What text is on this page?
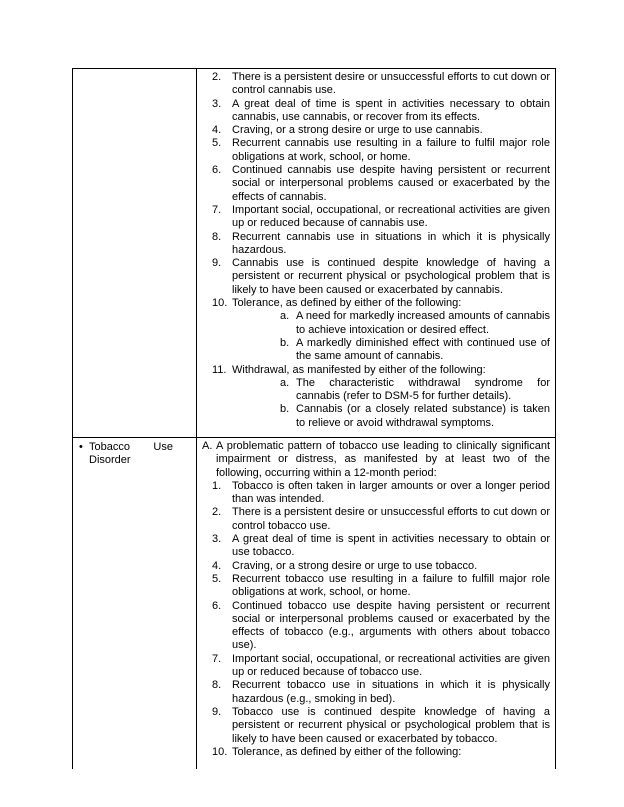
2. There is a persistent desire or unsuccessful efforts to cut down or control cannabis use.
3. A great deal of time is spent in activities necessary to obtain cannabis, use cannabis, or recover from its effects.
4. Craving, or a strong desire or urge to use cannabis.
5. Recurrent cannabis use resulting in a failure to fulfil major role obligations at work, school, or home.
6. Continued cannabis use despite having persistent or recurrent social or interpersonal problems caused or exacerbated by the effects of cannabis.
7. Important social, occupational, or recreational activities are given up or reduced because of cannabis use.
8. Recurrent cannabis use in situations in which it is physically hazardous.
9. Cannabis use is continued despite knowledge of having a persistent or recurrent physical or psychological problem that is likely to have been caused or exacerbated by cannabis.
10. Tolerance, as defined by either of the following:
a. A need for markedly increased amounts of cannabis to achieve intoxication or desired effect.
b. A markedly diminished effect with continued use of the same amount of cannabis.
11. Withdrawal, as manifested by either of the following:
a. The characteristic withdrawal syndrome for cannabis (refer to DSM-5 for further details).
b. Cannabis (or a closely related substance) is taken to relieve or avoid withdrawal symptoms.
• Tobacco Use Disorder
A. A problematic pattern of tobacco use leading to clinically significant impairment or distress, as manifested by at least two of the following, occurring within a 12-month period:
1. Tobacco is often taken in larger amounts or over a longer period than was intended.
2. There is a persistent desire or unsuccessful efforts to cut down or control tobacco use.
3. A great deal of time is spent in activities necessary to obtain or use tobacco.
4. Craving, or a strong desire or urge to use tobacco.
5. Recurrent tobacco use resulting in a failure to fulfill major role obligations at work, school, or home.
6. Continued tobacco use despite having persistent or recurrent social or interpersonal problems caused or exacerbated by the effects of tobacco (e.g., arguments with others about tobacco use).
7. Important social, occupational, or recreational activities are given up or reduced because of tobacco use.
8. Recurrent tobacco use in situations in which it is physically hazardous (e.g., smoking in bed).
9. Tobacco use is continued despite knowledge of having a persistent or recurrent physical or psychological problem that is likely to have been caused or exacerbated by tobacco.
10. Tolerance, as defined by either of the following:
